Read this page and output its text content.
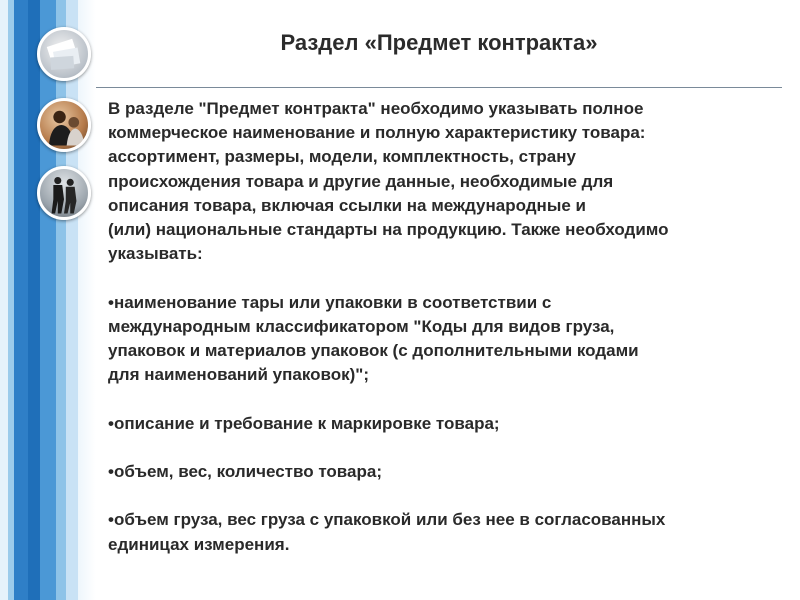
Раздел «Предмет контракта»
В разделе "Предмет контракта" необходимо указывать полное
коммерческое наименование и полную характеристику товара:
ассортимент, размеры, модели, комплектность, страну
происхождения товара и другие данные, необходимые для
описания товара, включая ссылки на международные и
(или) национальные стандарты на продукцию. Также необходимо
указывать:
•наименование тары или упаковки в соответствии с
международным классификатором "Коды для видов груза,
упаковок и материалов упаковок (с дополнительными кодами
для наименований упаковок)";
•описание и требование к маркировке товара;
•объем, вес, количество товара;
•объем груза, вес груза с упаковкой или без нее в согласованных
единицах измерения.
